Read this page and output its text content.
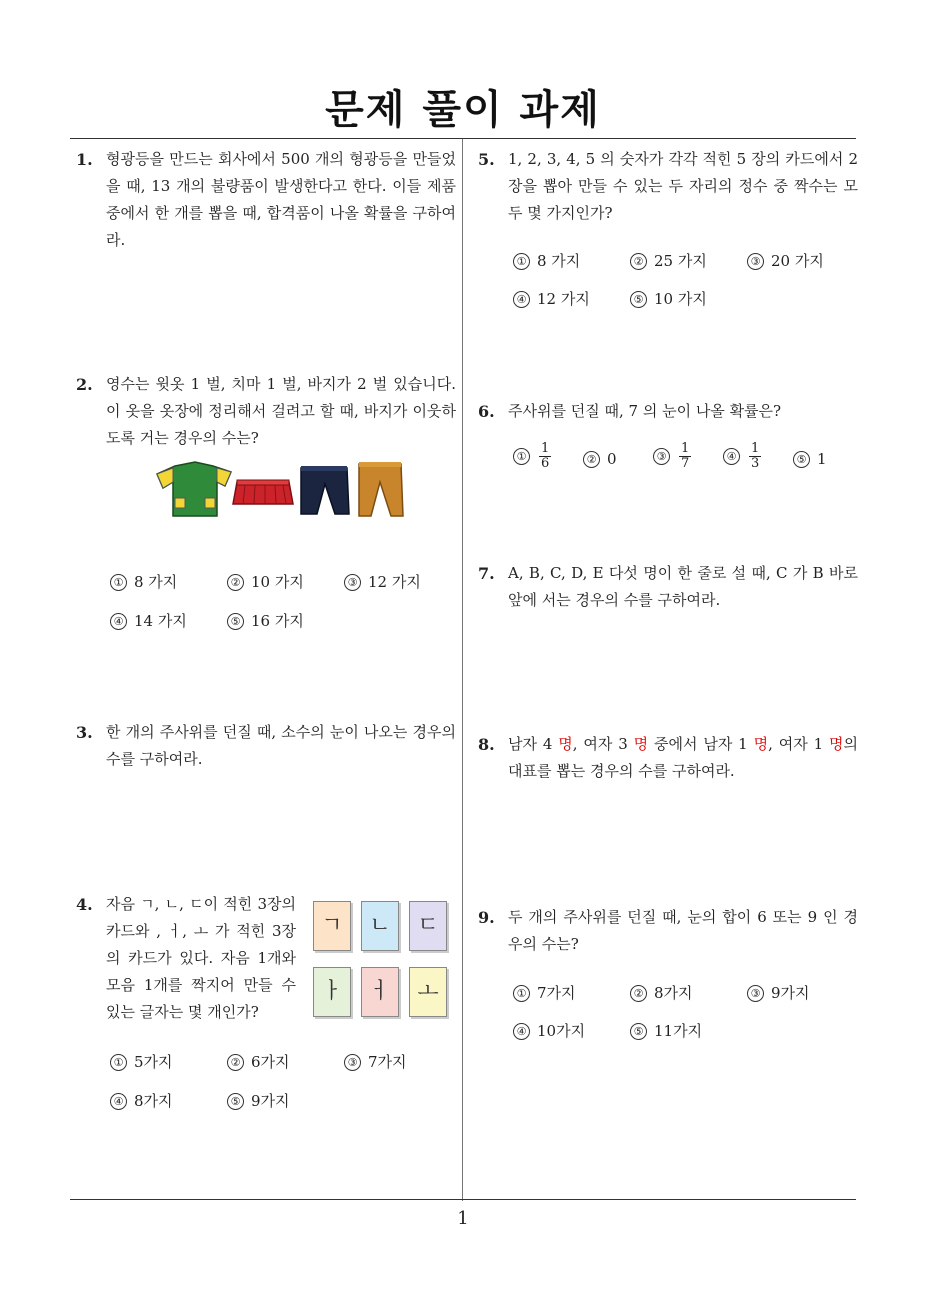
문제 풀이 과제
1. 형광등을 만드는 회사에서 500 개의 형광등을 만들었을 때, 13 개의 불량품이 발생한다고 한다. 이들 제품 중에서 한 개를 뽑을 때, 합격품이 나올 확률을 구하여라.
2. 영수는 윗옷 1 벌, 치마 1 벌, 바지가 2 벌 있습니다. 이 옷을 옷장에 정리해서 걸려고 할 때, 바지가 이웃하도록 거는 경우의 수는?
① 8 가지	② 10 가지	③ 12 가지
④ 14 가지	⑤ 16 가지
3. 한 개의 주사위를 던질 때, 소수의 눈이 나오는 경우의 수를 구하여라.
4. 자음 ㄱ, ㄴ, ㄷ이 적힌 3장의 카드와 , ㅓ, ㅗ 가 적힌 3장의 카드가 있다. 자음 1개와 모음 1개를 짝지어 만들 수 있는 글자는 몇 개인가?
ㄱ	ㄴ	ㄷ
ㅏ	ㅓ	ㅗ
① 5가지	② 6가지	③ 7가지
④ 8가지	⑤ 9가지
5. 1, 2, 3, 4, 5 의 숫자가 각각 적힌 5 장의 카드에서 2 장을 뽑아 만들 수 있는 두 자리의 정수 중 짝수는 모두 몇 가지인가?
① 8 가지	② 25 가지	③ 20 가지
④ 12 가지	⑤ 10 가지
6. 주사위를 던질 때, 7 의 눈이 나올 확률은?
① $\frac{1}{6}$	② 0	③ $\frac{1}{7}$	④ $\frac{1}{3}$	⑤ 1
7. A, B, C, D, E 다섯 명이 한 줄로 설 때, C 가 B 바로 앞에 서는 경우의 수를 구하여라.
8. 남자 4 명, 여자 3 명 중에서 남자 1 명, 여자 1 명의 대표를 뽑는 경우의 수를 구하여라.
9. 두 개의 주사위를 던질 때, 눈의 합이 6 또는 9 인 경우의 수는?
① 7가지	② 8가지	③ 9가지
④ 10가지	⑤ 11가지
1
